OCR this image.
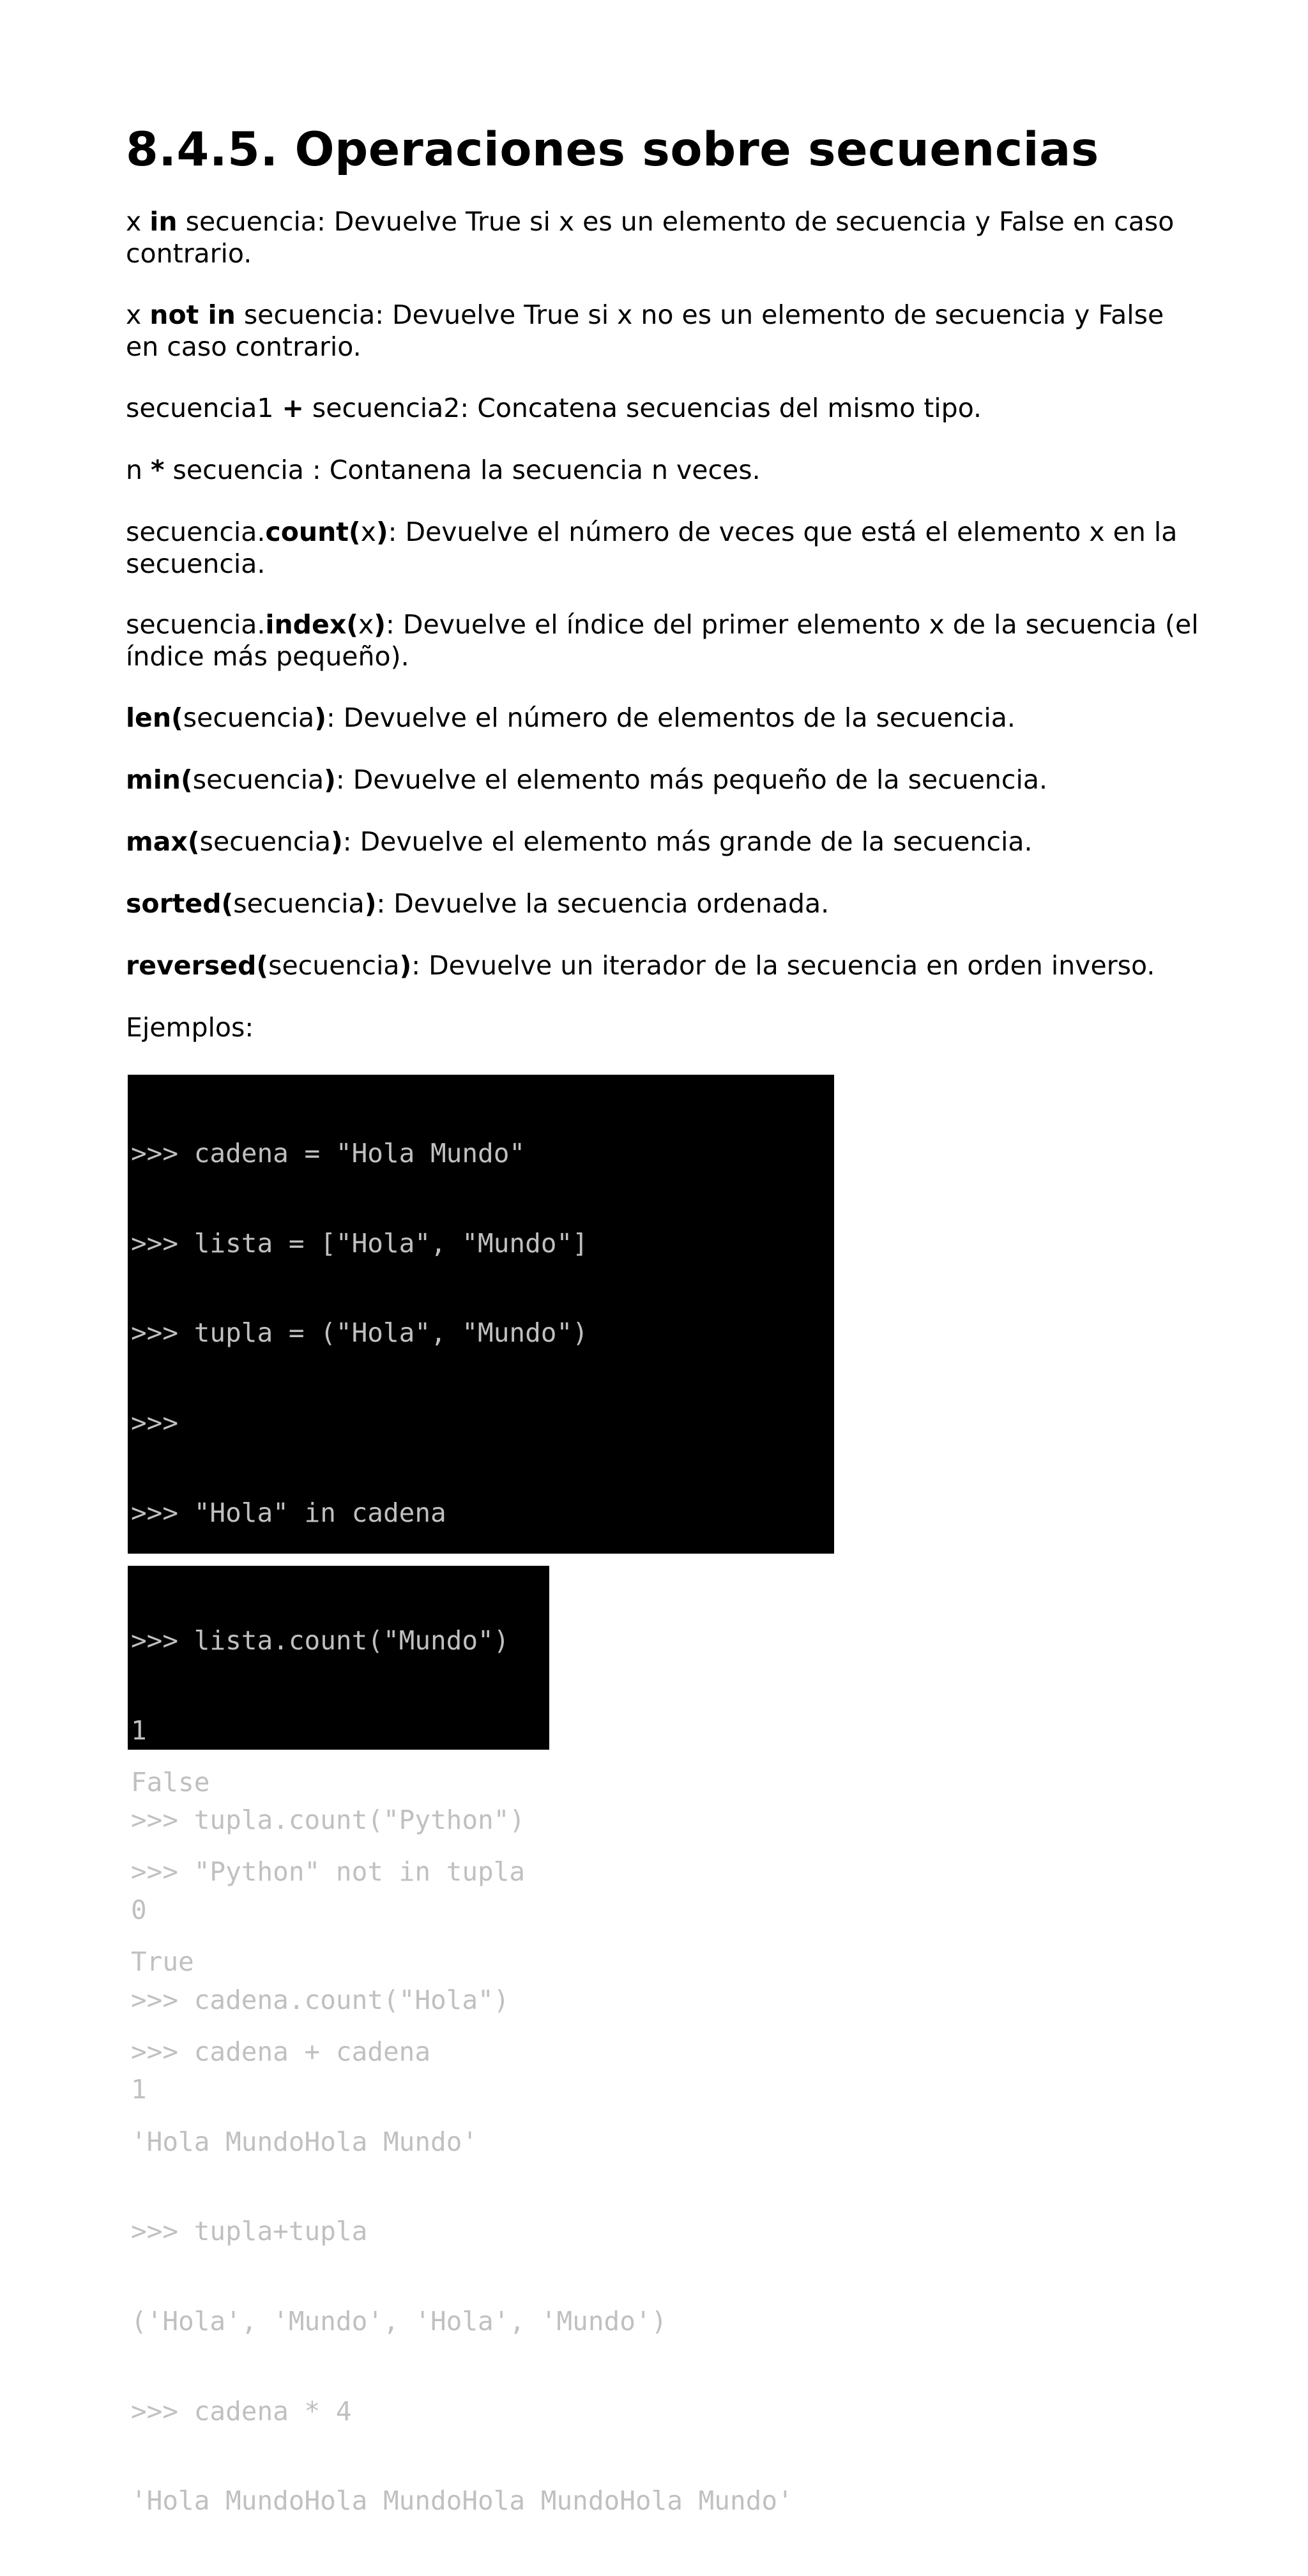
8.4.5. Operaciones sobre secuencias

x in secuencia: Devuelve True si x es un elemento de secuencia y False en caso contrario.

x not in secuencia: Devuelve True si x no es un elemento de secuencia y False en caso contrario.

secuencia1 + secuencia2: Concatena secuencias del mismo tipo.

n * secuencia : Contanena la secuencia n veces.

secuencia.count(x): Devuelve el número de veces que está el elemento x en la secuencia.

secuencia.index(x): Devuelve el índice del primer elemento x de la secuencia (el índice más pequeño).

len(secuencia): Devuelve el número de elementos de la secuencia.

min(secuencia): Devuelve el elemento más pequeño de la secuencia.

max(secuencia): Devuelve el elemento más grande de la secuencia.

sorted(secuencia): Devuelve la secuencia ordenada.

reversed(secuencia): Devuelve un iterador de la secuencia en orden inverso.

Ejemplos:

>>> cadena = "Hola Mundo"

>>> lista = ["Hola", "Mundo"]

>>> tupla = ("Hola", "Mundo")

>>>

>>> "Hola" in cadena

False

>>> "Python" not in tupla

True

>>> cadena + cadena

'Hola MundoHola Mundo'

>>> tupla+tupla

('Hola', 'Mundo', 'Hola', 'Mundo')

>>> cadena * 4

'Hola MundoHola MundoHola MundoHola Mundo'

>>> lista.count("Mundo")

1

>>> tupla.count("Python")

0

>>> cadena.count("Hola")

1
